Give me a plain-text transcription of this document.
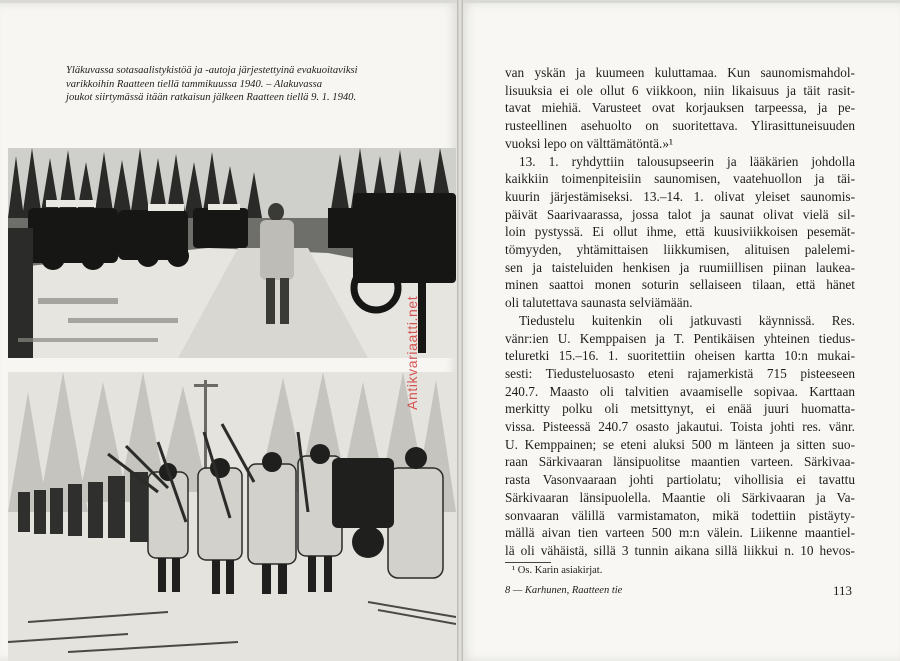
Yläkuvassa sotasaalistykistöä ja -autoja järjestettyinä evakuoitaviksi

varikkoihin Raatteen tiellä tammikuussa 1940. – Alakuvassa

joukot siirtymässä itään ratkaisun jälkeen Raatteen tiellä 9. 1. 1940.

van yskän ja kuumeen kuluttamaa. Kun saunomismahdol-
lisuuksia ei ole ollut 6 viikkoon, niin likaisuus ja täit rasit-
tavat miehiä. Varusteet ovat korjauksen tarpeessa, ja pe-
rusteellinen asehuolto on suoritettava. Ylirasittuneisuuden
vuoksi lepo on välttämätöntä.»¹
13. 1. ryhdyttiin talousupseerin ja lääkärien johdolla
kaikkiin toimenpiteisiin saunomisen, vaatehuollon ja täi-
kuurin järjestämiseksi. 13.–14. 1. olivat yleiset saunomis-
päivät Saarivaarassa, jossa talot ja saunat olivat vielä sil-
loin pystyssä. Ei ollut ihme, että kuusiviikkoisen pesemät-
tömyyden, yhtämittaisen liikkumisen, alituisen palelemi-
sen ja taisteluiden henkisen ja ruumiillisen piinan laukea-
minen saattoi monen soturin sellaiseen tilaan, että hänet
oli talutettava saunasta selviämään.
Tiedustelu kuitenkin oli jatkuvasti käynnissä. Res.
vänr:ien U. Kemppaisen ja T. Pentikäisen yhteinen tiedus-
teluretki 15.–16. 1. suoritettiin oheisen kartta 10:n mukai-
sesti: Tiedusteluosasto eteni rajamerkistä 715 pisteeseen
240.7. Maasto oli talvitien avaamiselle sopivaa. Karttaan
merkitty polku oli metsittynyt, ei enää juuri huomatta-
vissa. Pisteessä 240.7 osasto jakautui. Toista johti res. vänr.
U. Kemppainen; se eteni aluksi 500 m länteen ja sitten suo-
raan Särkivaaran länsipuolitse maantien varteen. Särkivaa-
rasta Vasonvaaraan johti partiolatu; vihollisia ei tavattu
Särkivaaran länsipuolella. Maantie oli Särkivaaran ja Va-
sonvaaran välillä varmistamaton, mikä todettiin pistäyty-
mällä aivan tien varteen 500 m:n välein. Liikenne maantiel-
lä oli vähäistä, sillä 3 tunnin aikana sillä liikkui n. 10 hevos-
¹ Os. Karin asiakirjat.
8 — Karhunen, Raatteen tie	113
Antikvariaatti.net
